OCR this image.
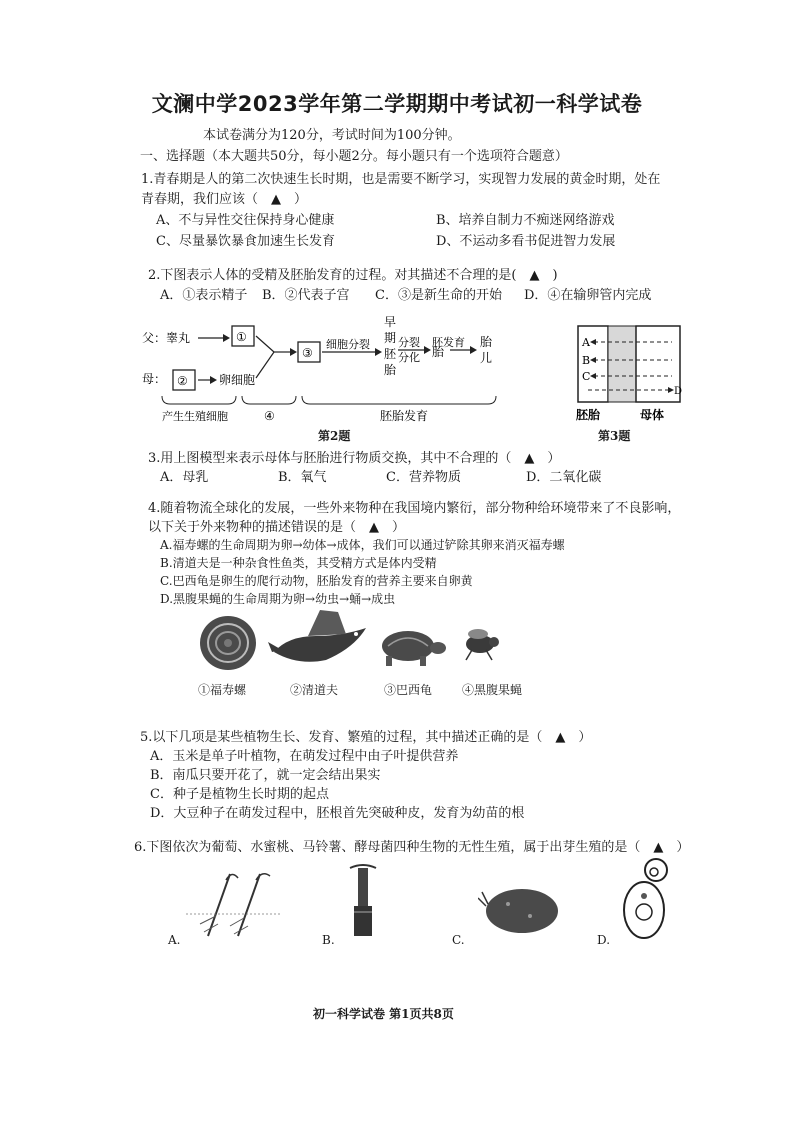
文澜中学2023学年第二学期期中考试初一科学试卷
本试卷满分为120分，考试时间为100分钟。
一、选择题（本大题共50分，每小题2分。每小题只有一个选项符合题意）
1.青春期是人的第二次快速生长时期，也是需要不断学习，实现智力发展的黄金时期，处在
青春期，我们应该（　▲　）
A、不与异性交往保持身心健康	B、培养自制力不痴迷网络游戏
C、尽量暴饮暴食加速生长发育	D、不运动多看书促进智力发展
2.下图表示人体的受精及胚胎发育的过程。对其描述不合理的是(　▲　)
A．①表示精子 B．②代表子宫 C．③是新生命的开始 D．④在输卵管内完成
父：睾丸	①
母： ②	卵细胞
③
细胞分裂
早
期
胚
胎
分裂
分化 胎
胚发育 胎
儿
产生生殖细胞	④	胚胎发育
第2题
A
B
C
D
胚胎	母体
第3题
3.用上图模型来表示母体与胚胎进行物质交换，其中不合理的（　▲　）
A．母乳	B．氧气	C．营养物质	D．二氧化碳
4.随着物流全球化的发展，一些外来物种在我国境内繁衍，部分物种给环境带来了不良影响，
以下关于外来物种的描述错误的是（　▲　）
A.福寿螺的生命周期为卵→幼体→成体，我们可以通过铲除其卵来消灭福寿螺
B.清道夫是一种杂食性鱼类，其受精方式是体内受精
C.巴西龟是卵生的爬行动物，胚胎发育的营养主要来自卵黄
D.黑腹果蝇的生命周期为卵→幼虫→蛹→成虫
①福寿螺	②清道夫	③巴西龟 ④黑腹果蝇
5.以下几项是某些植物生长、发育、繁殖的过程，其中描述正确的是（　▲　）
A．玉米是单子叶植物，在萌发过程中由子叶提供营养
B．南瓜只要开花了，就一定会结出果实
C．种子是植物生长时期的起点
D．大豆种子在萌发过程中，胚根首先突破种皮，发育为幼苗的根
6.下图依次为葡萄、水蜜桃、马铃薯、酵母菌四种生物的无性生殖，属于出芽生殖的是（　▲　）
A.	B.	C.	D.
初一科学试卷 第1页共8页
